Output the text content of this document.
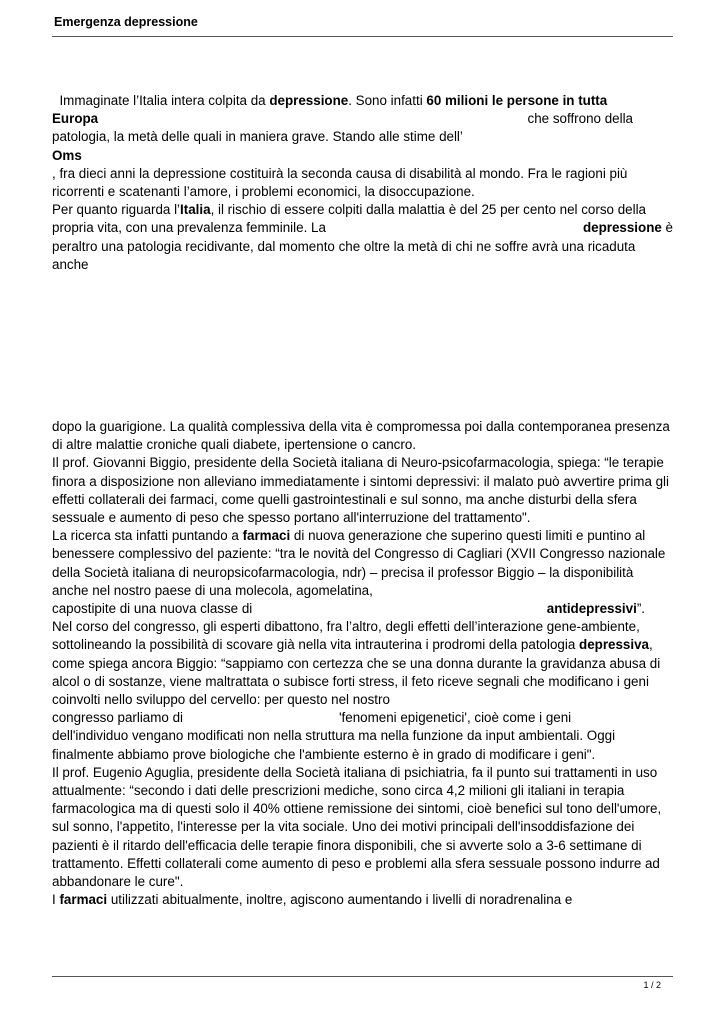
Emergenza depressione

Immaginate l’Italia intera colpita da depressione. Sono infatti 60 milioni le persone in tutta

Europa	che soffrono della

patologia, la metà delle quali in maniera grave. Stando alle stime dell’

Oms

, fra dieci anni la depressione costituirà la seconda causa di disabilità al mondo. Fra le ragioni più ricorrenti e scatenanti l’amore, i problemi economici, la disoccupazione.

Per quanto riguarda l’Italia, il rischio di essere colpiti dalla malattia è del 25 per cento nel corso della propria vita, con una prevalenza femminile. La	depressione è

peraltro una patologia recidivante, dal momento che oltre la metà di chi ne soffre avrà una ricaduta anche

dopo la guarigione. La qualità complessiva della vita è compromessa poi dalla contemporanea presenza di altre malattie croniche quali diabete, ipertensione o cancro.

Il prof. Giovanni Biggio, presidente della Società italiana di Neuro-psicofarmacologia, spiega: “le terapie finora a disposizione non alleviano immediatamente i sintomi depressivi: il malato può avvertire prima gli effetti collaterali dei farmaci, come quelli gastrointestinali e sul sonno, ma anche disturbi della sfera sessuale e aumento di peso che spesso portano all'interruzione del trattamento".

La ricerca sta infatti puntando a farmaci di nuova generazione che superino questi limiti e puntino al benessere complessivo del paziente: “tra le novità del Congresso di Cagliari (XVII Congresso nazionale della Società italiana di neuropsicofarmacologia, ndr) – precisa il professor Biggio – la disponibilità anche nel nostro paese di una molecola, agomelatina,

capostipite di una nuova classe di	antidepressivi”.

Nel corso del congresso, gli esperti dibattono, fra l’altro, degli effetti dell’interazione gene-ambiente, sottolineando la possibilità di scovare già nella vita intrauterina i prodromi della patologia depressiva, come spiega ancora Biggio: “sappiamo con certezza che se una donna durante la gravidanza abusa di alcol o di sostanze, viene maltrattata o subisce forti stress, il feto riceve segnali che modificano i geni coinvolti nello sviluppo del cervello: per questo nel nostro

congresso parliamo di	'fenomeni epigenetici', cioè come i geni

dell'individuo vengano modificati non nella struttura ma nella funzione da input ambientali. Oggi finalmente abbiamo prove biologiche che l'ambiente esterno è in grado di modificare i geni".

Il prof. Eugenio Aguglia, presidente della Società italiana di psichiatria, fa il punto sui trattamenti in uso attualmente: “secondo i dati delle prescrizioni mediche, sono circa 4,2 milioni gli italiani in terapia farmacologica ma di questi solo il 40% ottiene remissione dei sintomi, cioè benefici sul tono dell'umore, sul sonno, l'appetito, l'interesse per la vita sociale. Uno dei motivi principali dell'insoddisfazione dei pazienti è il ritardo dell'efficacia delle terapie finora disponibili, che si avverte solo a 3-6 settimane di trattamento. Effetti collaterali come aumento di peso e problemi alla sfera sessuale possono indurre ad abbandonare le cure".

I farmaci utilizzati abitualmente, inoltre, agiscono aumentando i livelli di noradrenalina e

1 / 2
